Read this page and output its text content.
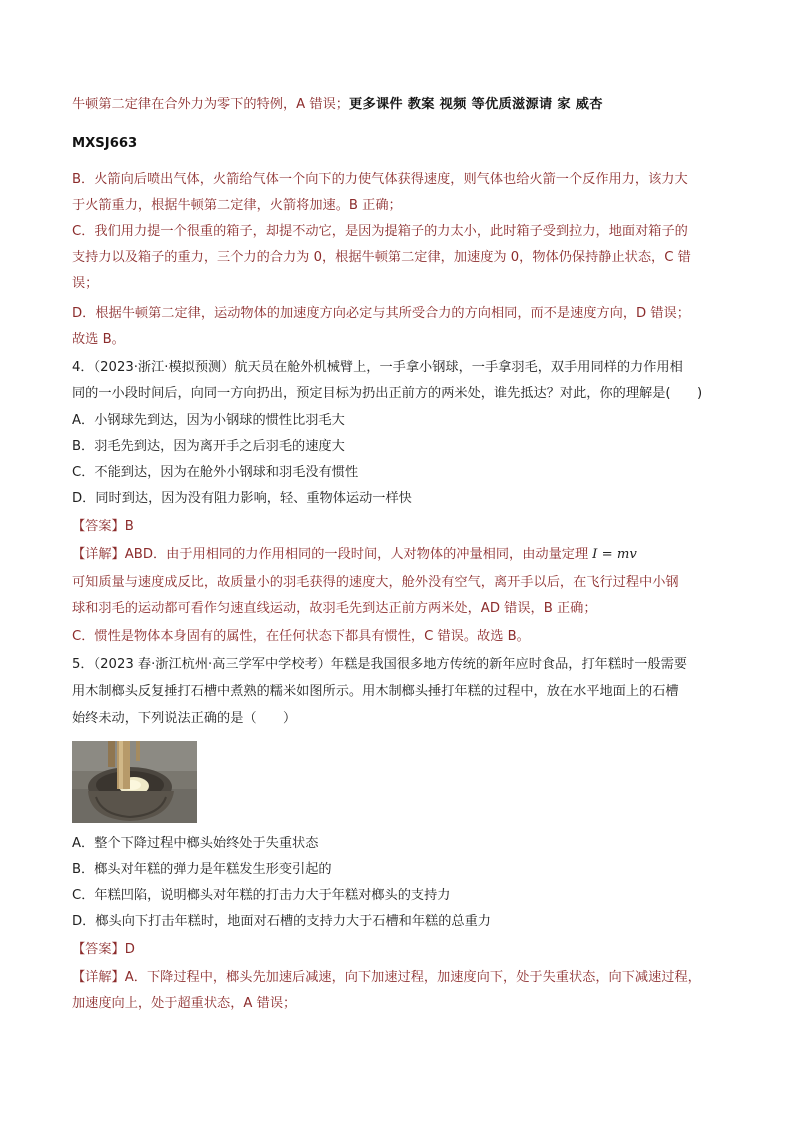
牛顿第二定律在合外力为零下的特例，A 错误；更多课件 教案 视频 等优质滋源请 家 威杏
MXSJ663
B．火箭向后喷出气体，火箭给气体一个向下的力使气体获得速度，则气体也给火箭一个反作用力，该力大
于火箭重力，根据牛顿第二定律，火箭将加速。B 正确；
C．我们用力提一个很重的箱子，却提不动它，是因为提箱子的力太小，此时箱子受到拉力，地面对箱子的
支持力以及箱子的重力，三个力的合力为 0，根据牛顿第二定律，加速度为 0，物体仍保持静止状态，C 错
误；
D．根据牛顿第二定律，运动物体的加速度方向必定与其所受合力的方向相同，而不是速度方向，D 错误；
故选 B。
4．（2023·浙江·模拟预测）航天员在舱外机械臂上，一手拿小钢球，一手拿羽毛，双手用同样的力作用相
同的一小段时间后，向同一方向扔出，预定目标为扔出正前方的两米处，谁先抵达？对此，你的理解是(　　)
A．小钢球先到达，因为小钢球的惯性比羽毛大
B．羽毛先到达，因为离开手之后羽毛的速度大
C．不能到达，因为在舱外小钢球和羽毛没有惯性
D．同时到达，因为没有阻力影响，轻、重物体运动一样快
【答案】B
【详解】ABD．由于用相同的力作用相同的一段时间，人对物体的冲量相同，由动量定理 I = mv
可知质量与速度成反比，故质量小的羽毛获得的速度大，舱外没有空气，离开手以后，在飞行过程中小钢
球和羽毛的运动都可看作匀速直线运动，故羽毛先到达正前方两米处，AD 错误，B 正确；
C．惯性是物体本身固有的属性，在任何状态下都具有惯性，C 错误。故选 B。
5．（2023 春·浙江杭州·高三学军中学校考）年糕是我国很多地方传统的新年应时食品，打年糕时一般需要
用木制榔头反复捶打石槽中煮熟的糯米如图所示。用木制榔头捶打年糕的过程中，放在水平地面上的石槽
始终未动，下列说法正确的是（　　）
A．整个下降过程中榔头始终处于失重状态
B．榔头对年糕的弹力是年糕发生形变引起的
C．年糕凹陷，说明榔头对年糕的打击力大于年糕对榔头的支持力
D．榔头向下打击年糕时，地面对石槽的支持力大于石槽和年糕的总重力
【答案】D
【详解】A．下降过程中，榔头先加速后减速，向下加速过程，加速度向下，处于失重状态，向下减速过程，
加速度向上，处于超重状态，A 错误；
